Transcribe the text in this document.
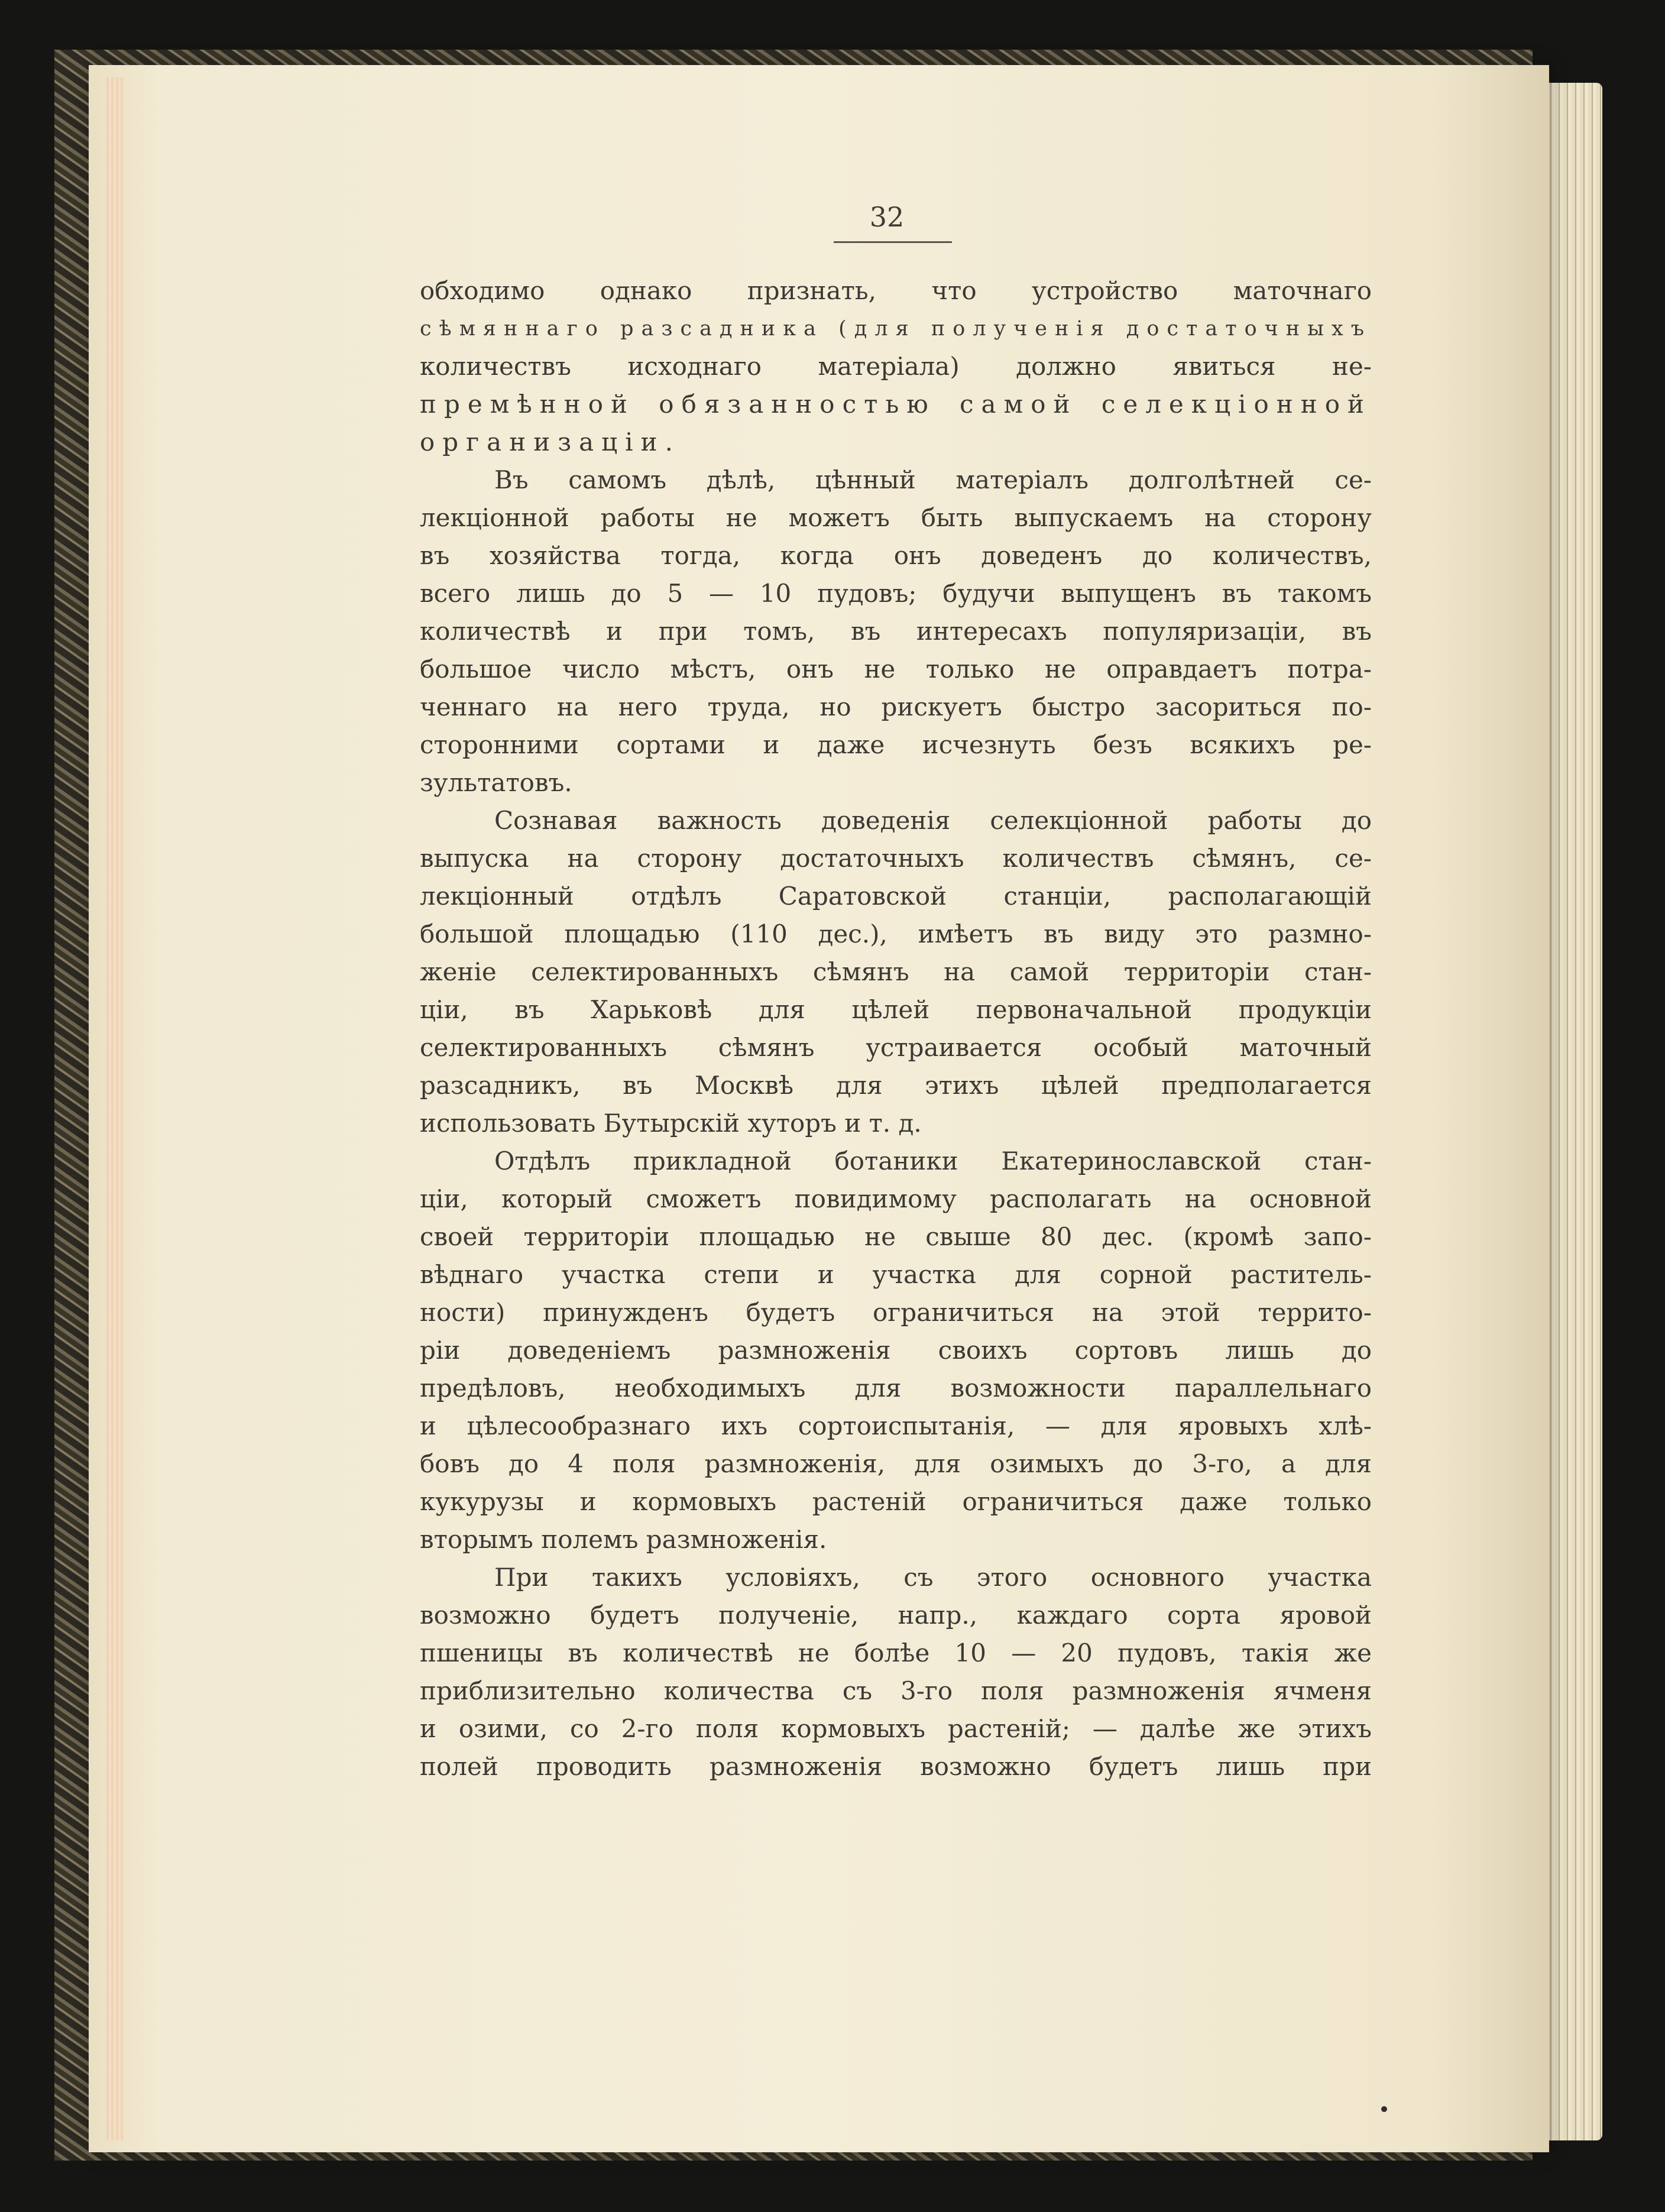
32
обходимо однако признать, что устройство маточнаго
сѣмяннаго разсадника (для полученія достаточныхъ
количествъ исходнаго матеріала) должно явиться не-
премѣнной обязанностью самой селекціонной
организаціи.
Въ самомъ дѣлѣ, цѣнный матеріалъ долголѣтней се-
лекціонной работы не можетъ быть выпускаемъ на сторону
въ хозяйства тогда, когда онъ доведенъ до количествъ,
всего лишь до 5 — 10 пудовъ; будучи выпущенъ въ такомъ
количествѣ и при томъ, въ интересахъ популяризаціи, въ
большое число мѣстъ, онъ не только не оправдаетъ потра-
ченнаго на него труда, но рискуетъ быстро засориться по-
сторонними сортами и даже исчезнуть безъ всякихъ ре-
зультатовъ.
Сознавая важность доведенія селекціонной работы до
выпуска на сторону достаточныхъ количествъ сѣмянъ, се-
лекціонный отдѣлъ Саратовской станціи, располагающій
большой площадью (110 дес.), имѣетъ въ виду это размно-
женіе селектированныхъ сѣмянъ на самой территоріи стан-
ціи, въ Харьковѣ для цѣлей первоначальной продукціи
селектированныхъ сѣмянъ устраивается особый маточный
разсадникъ, въ Москвѣ для этихъ цѣлей предполагается
использовать Бутырскій хуторъ и т. д.
Отдѣлъ прикладной ботаники Екатеринославской стан-
ціи, который сможетъ повидимому располагать на основной
своей территоріи площадью не свыше 80 дес. (кромѣ запо-
вѣднаго участка степи и участка для сорной раститель-
ности) принужденъ будетъ ограничиться на этой террито-
ріи доведеніемъ размноженія своихъ сортовъ лишь до
предѣловъ, необходимыхъ для возможности параллельнаго
и цѣлесообразнаго ихъ сортоиспытанія, — для яровыхъ хлѣ-
бовъ до 4 поля размноженія, для озимыхъ до 3-го, а для
кукурузы и кормовыхъ растеній ограничиться даже только
вторымъ полемъ размноженія.
При такихъ условіяхъ, съ этого основного участка
возможно будетъ полученіе, напр., каждаго сорта яровой
пшеницы въ количествѣ не болѣе 10 — 20 пудовъ, такія же
приблизительно количества съ 3-го поля размноженія ячменя
и озими, со 2-го поля кормовыхъ растеній; — далѣе же этихъ
полей проводить размноженія возможно будетъ лишь при
